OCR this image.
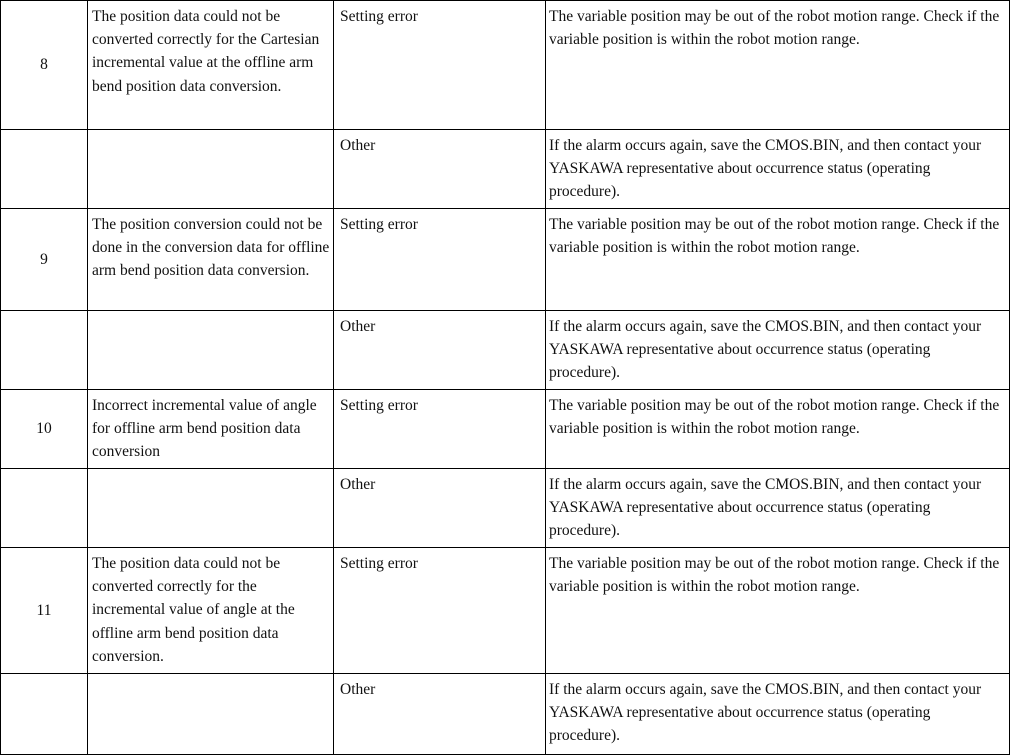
8	The position data could not be converted correctly for the Cartesian incremental value at the offline arm bend position data conversion.	Setting error	The variable position may be out of the robot motion range. Check if the variable position is within the robot motion range.
		Other	If the alarm occurs again, save the CMOS.BIN, and then contact your YASKAWA representative about occurrence status (operating procedure).
9	The position conversion could not be done in the conversion data for offline arm bend position data conversion.	Setting error	The variable position may be out of the robot motion range. Check if the variable position is within the robot motion range.
		Other	If the alarm occurs again, save the CMOS.BIN, and then contact your YASKAWA representative about occurrence status (operating procedure).
10	Incorrect incremental value of angle for offline arm bend position data conversion	Setting error	The variable position may be out of the robot motion range. Check if the variable position is within the robot motion range.
		Other	If the alarm occurs again, save the CMOS.BIN, and then contact your YASKAWA representative about occurrence status (operating procedure).
11	The position data could not be converted correctly for the incremental value of angle at the offline arm bend position data conversion.	Setting error	The variable position may be out of the robot motion range. Check if the variable position is within the robot motion range.
		Other	If the alarm occurs again, save the CMOS.BIN, and then contact your YASKAWA representative about occurrence status (operating procedure).
